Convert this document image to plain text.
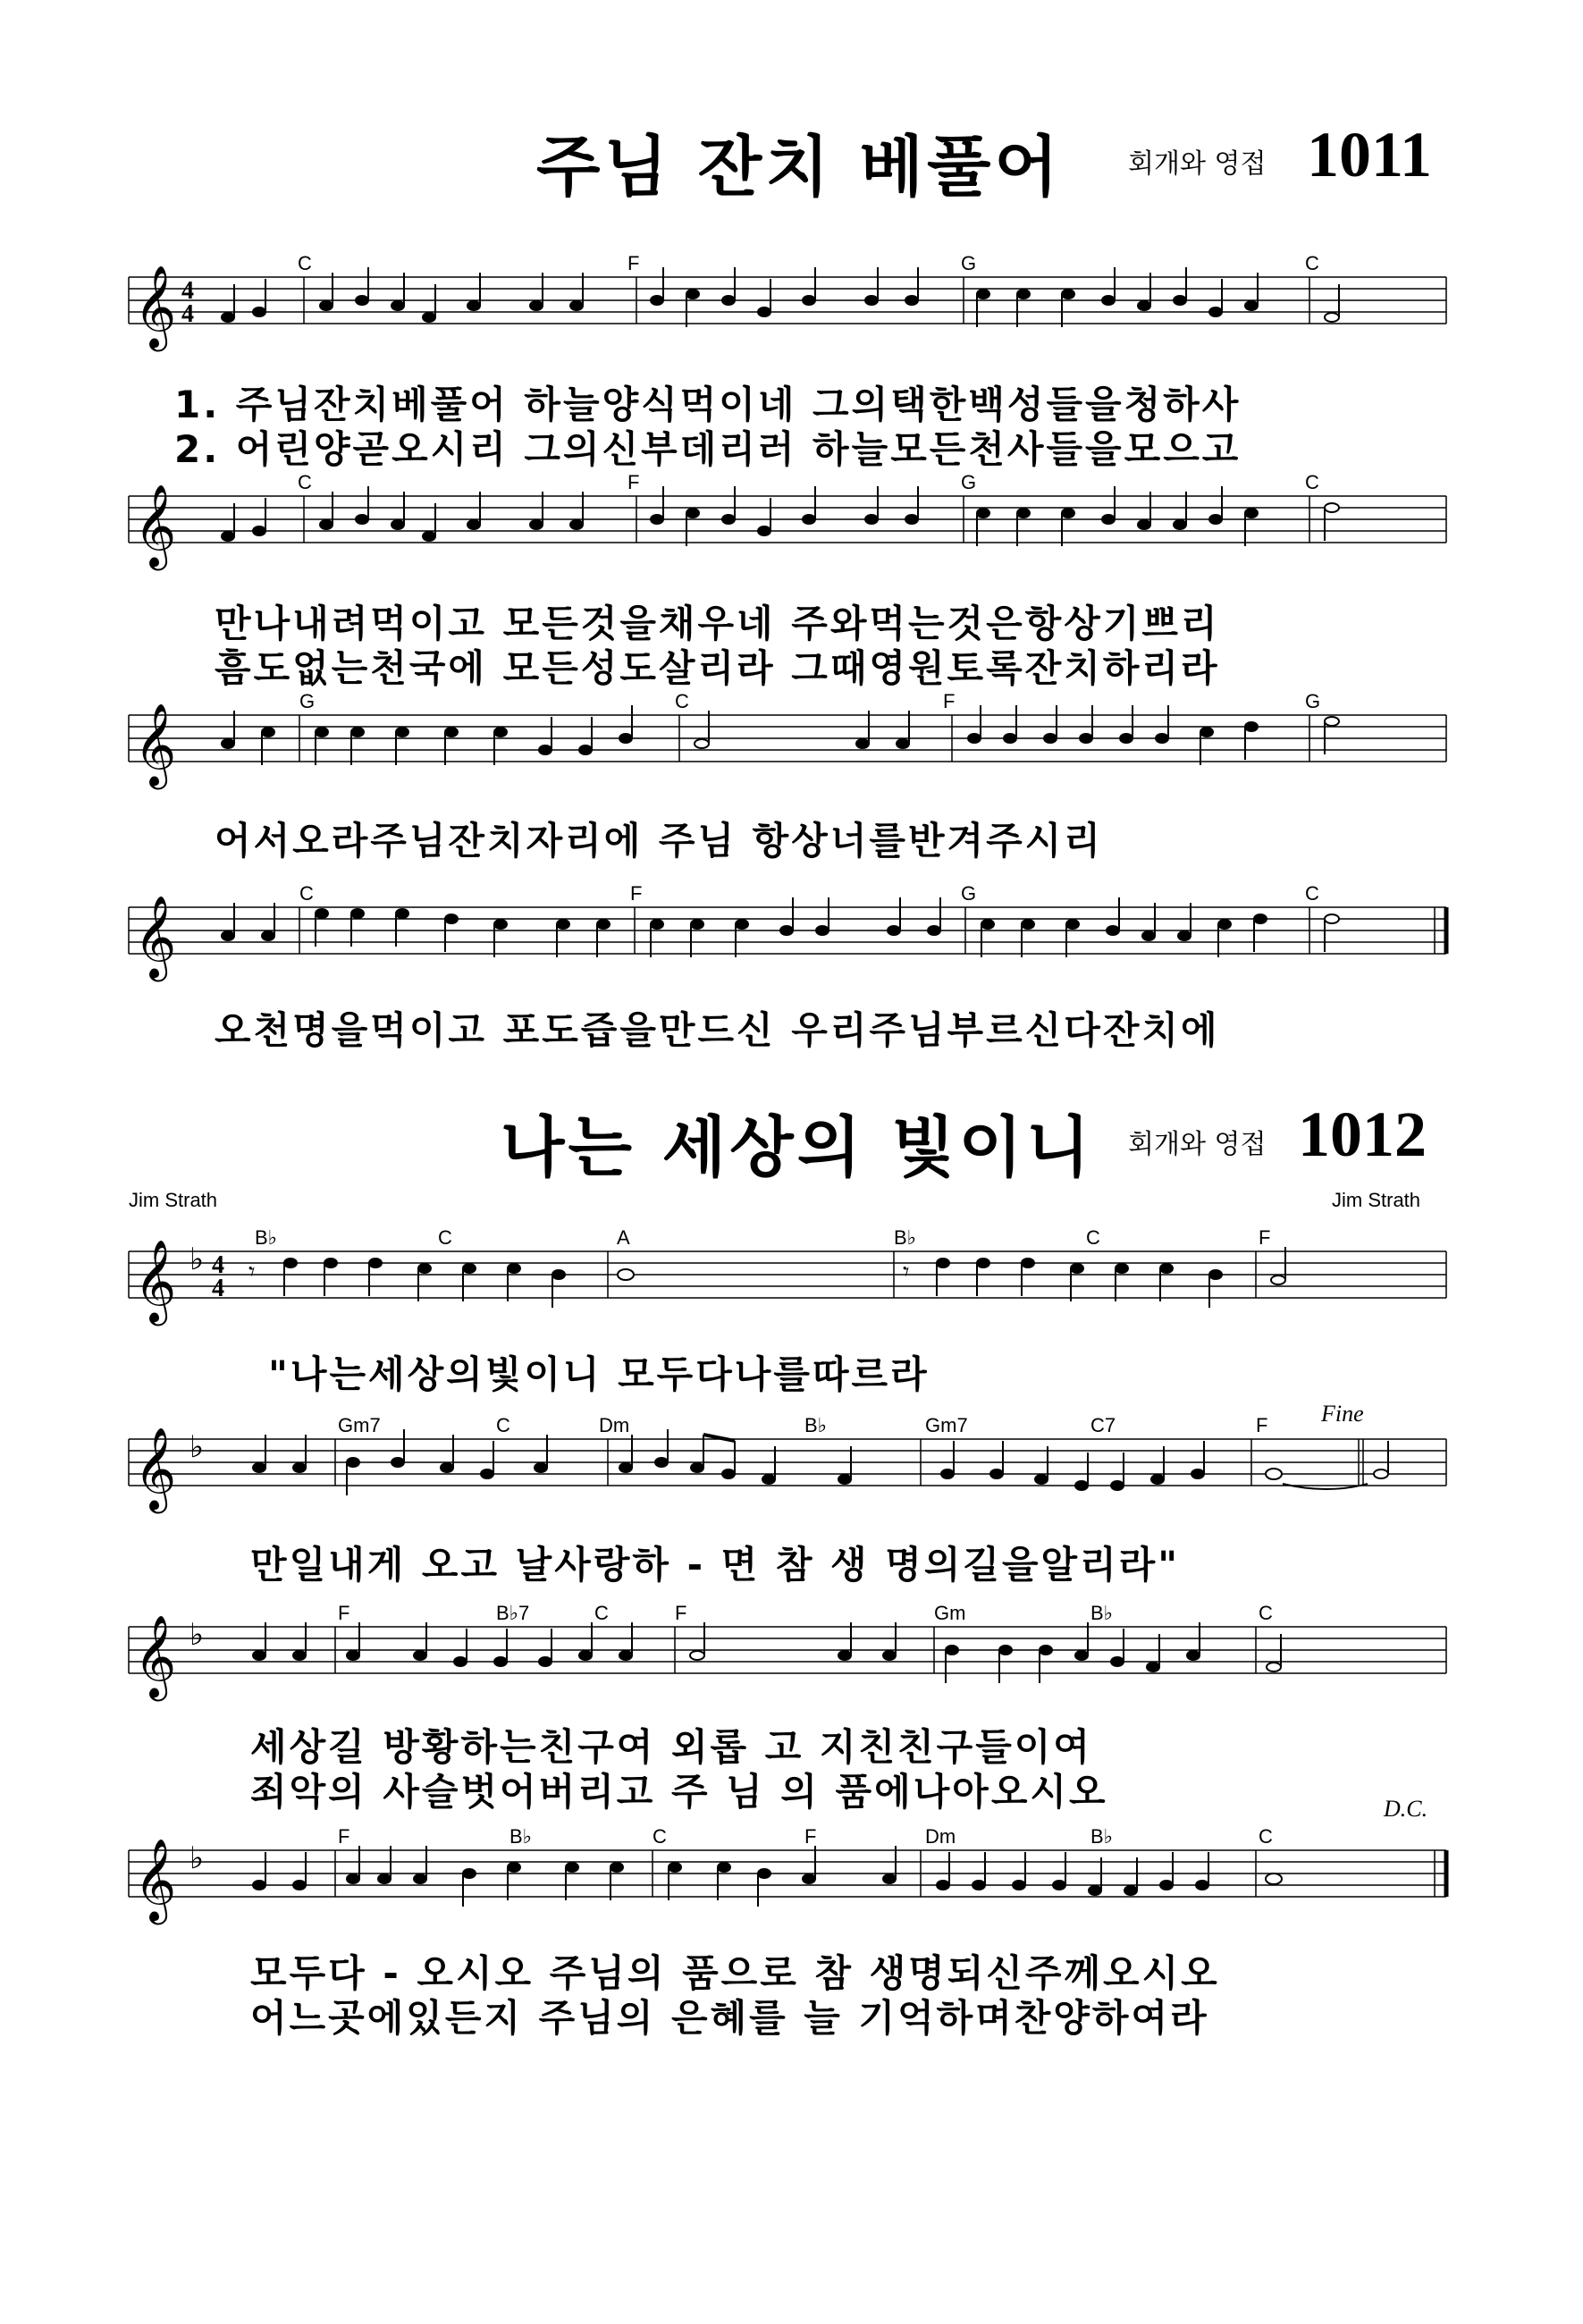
주님 잔치 베풀어 회개와 영접 1011
𝄞 4
4
C	F	G	C
1. 주님잔치베풀어 하늘양식먹이네 그의택한백성들을청하사
2. 어린양곧오시리 그의신부데리러 하늘모든천사들을모으고
𝄞
C	F	G	C
만나내려먹이고 모든것을채우네 주와먹는것은항상기쁘리
흠도없는천국에 모든성도살리라 그때영원토록잔치하리라
𝄞
G	C	F	G
어서오라주님잔치자리에 주님 항상너를반겨주시리
𝄞
C	F	G	C
오천명을먹이고 포도즙을만드신 우리주님부르신다잔치에
나는 세상의 빛이니 회개와 영접 1012
Jim Strath	Jim Strath
𝄞 ♭ 4
4
B♭	C	A	B♭	C	F
𝄾	𝄾
"나는세상의빛이니 모두다나를따르라
𝄞 ♭
Gm7	C	Dm	B♭	Gm7	C7	F Fine
만일내게 오고 날사랑하 - 면 참 생 명의길을알리라"
𝄞 ♭
F	B♭7	C	F	Gm	B♭	C
세상길 방황하는친구여 외롭 고 지친친구들이여
죄악의 사슬벗어버리고 주 님 의 품에나아오시오
𝄞 ♭
F	B♭	C	F	Dm	B♭	C
D.C.
모두다 - 오시오 주님의 품으로 참 생명되신주께오시오
어느곳에있든지 주님의 은혜를 늘 기억하며찬양하여라
